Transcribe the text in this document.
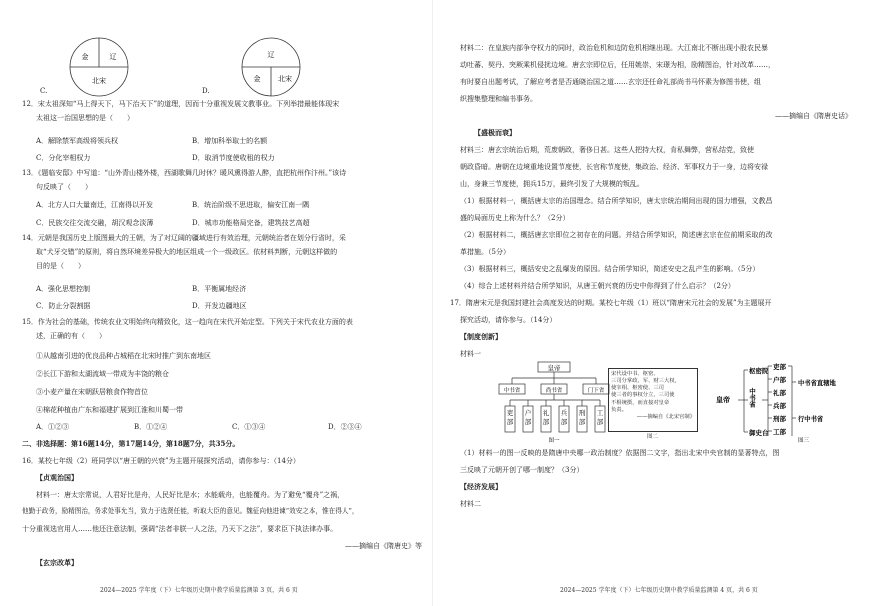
金	辽
北宋
辽
金	北宋
C.	D.
12．宋太祖深知“马上得天下，马下治天下”的道理，因而十分重视发展文教事业。下列举措最能体现宋
太祖这一治国思想的是（　　）
A．解除禁军高级将领兵权	B．增加科举取士的名额
C．分化宰相权力	D．取消节度使收租的权力
13．《题临安邸》中写道：“山外青山楼外楼，西湖歌舞几时休？暖风熏得游人醉，直把杭州作汴州。”该诗
句反映了（　　）
A．北方人口大量南迁，江南得以开发	B．统治阶级不思进取，偏安江南一隅
C．民族交往交流交融，胡汉观念淡薄	D．城市功能格局完备，建筑技艺高超
14．元朝是我国历史上版图最大的王朝，为了对辽阔的疆域进行有效治理，元朝统治者在划分行省时，采
取“犬牙交错”的原则，将自然环境差异极大的地区组成一个一级政区。依材料判断，元朝这样做的
目的是（　　）
A．强化思想控制	B．平衡属地经济
C．防止分裂割据	D．开发边疆地区
15．作为社会的基础，传统农业文明始终向精致化，这一趋向在宋代开始定型。下列关于宋代农业方面的表
述，正确的有（　　）
①从越南引进的优良品种占城稻在北宋时推广到东南地区
②长江下游和太湖流域一带成为丰饶的粮仓
③小麦产量在宋朝跃居粮食作物首位
④棉花种植由广东和福建扩展到江淮和川蜀一带
A．①②③	B．①②④	C．①③④	D．②③④
二、非选择题：第16题14分，第17题14分，第18题7分，共35分。
16．某校七年级（2）班同学以“唐王朝的兴衰”为主题开展探究活动，请你参与：（14分）
【贞观治国】
材料一：唐太宗常说，人君好比是舟，人民好比是水；水能载舟，也能覆舟。为了避免“覆舟”之祸，
他勤于政务，励精图治，务求处事允当，致力于选贤任能，听取大臣的意见。魏征向他进谏“效安之本，惟在得人”，
十分重视选官用人……他还注意法制，强调“法者非朕一人之法，乃天下之法”，要求臣下执法律办事。
——摘编自《隋唐史》等
【玄宗改革】
2024—2025 学年度（下）七年级历史期中教学质量监测第 3 页，共 6 页
材料二：在皇族内部争夺权力的同时，政治危机和边防危机相继出现。大江南北不断出现小股农民暴
动吐蕃、契丹、突厥乘机侵扰边境。唐玄宗即位后，任用姚崇、宋璟为相，励精图治，针对改革……，
有时要自出题考试，了解应考者是否通晓治国之道……玄宗还任命礼部尚书马怀素为修图书使，组
织搜集整理和编书事务。
——摘编自《隋唐史话》
【盛极而衰】
材料三：唐玄宗统治后期，荒废朝政，奢侈日甚。这些人把持大权，肯私舞弊，营私结党，致使
朝政昏暗。唐朝在边境重地设置节度使，长官称节度使，集政治、经济、军事权力于一身，边将安禄
山，身兼三节度使，拥兵15万，最终引发了大规模的叛乱。
（1）根据材料一，概括唐太宗的治国理念。结合所学知识，唐太宗统治期间出现的国力增强，文教昌
盛的局面历史上称为什么？（2分）
（2）根据材料二，概括唐玄宗即位之初存在的问题。并结合所学知识，简述唐玄宗在位前期采取的改
革措施。（5分）
（3）根据材料三，概括安史之乱爆发的原因。结合所学知识，简述安史之乱产生的影响。（5分）
（4）综合上述材料并结合所学知识，从唐王朝兴衰的历史中你得到了什么启示？（2分）
17．隋唐宋元是我国封建社会高度发达的时期。某校七年级（1）班以“隋唐宋元社会的发展”为主题展开
探究活动，请你参与。（14分）
【制度创新】
材料一
皇帝
中书省	尚书省	门下省
吏
部
户
部
礼
部
兵
部
刑
部
工
部
图一
宋代设中书、枢密、
三司分掌政、军、财三大权，
使宰相、枢密使、三司
使三者的事权分立，三司使
不相统摄，而直接对皇帝
负责。
——摘编自《北宋官制》
图二
皇帝
枢密院
御史台
中书省
吏部
户部
礼部
兵部
刑部
工部
中书省直辖地
行中书省
图三
（1）材料一的图一反映的是隋唐中央哪一政治制度？依据图二文字，指出北宋中央官制的显著特点，图
三反映了元朝开创了哪一制度？（3分）
【经济发展】
材料二
2024—2025 学年度（下）七年级历史期中教学质量监测第 4 页，共 6 页
